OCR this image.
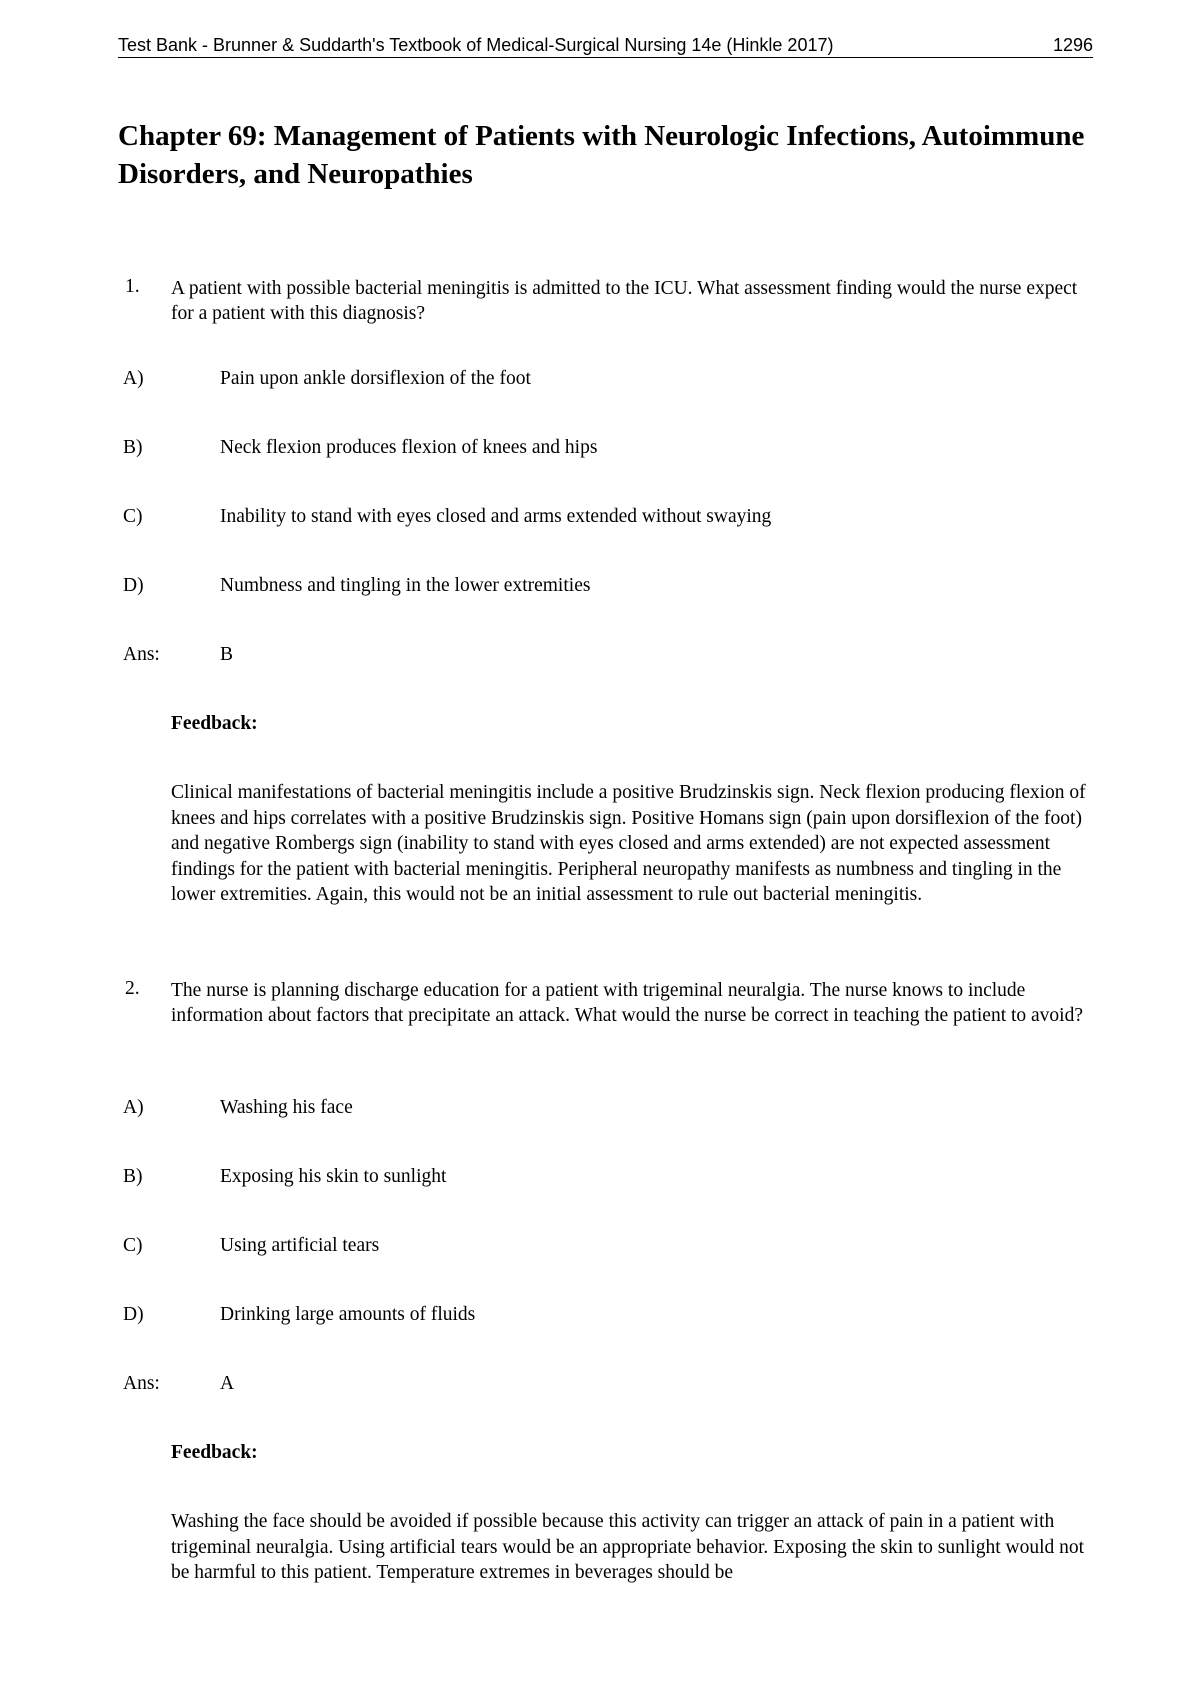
Test Bank - Brunner & Suddarth's Textbook of Medical-Surgical Nursing 14e (Hinkle 2017)	1296
Chapter 69: Management of Patients with Neurologic Infections, Autoimmune Disorders, and Neuropathies
1. A patient with possible bacterial meningitis is admitted to the ICU. What assessment finding would the nurse expect for a patient with this diagnosis?
A)	Pain upon ankle dorsiflexion of the foot
B)	Neck flexion produces flexion of knees and hips
C)	Inability to stand with eyes closed and arms extended without swaying
D)	Numbness and tingling in the lower extremities
Ans:	B
Feedback:
Clinical manifestations of bacterial meningitis include a positive Brudzinskis sign. Neck flexion producing flexion of knees and hips correlates with a positive Brudzinskis sign. Positive Homans sign (pain upon dorsiflexion of the foot) and negative Rombergs sign (inability to stand with eyes closed and arms extended) are not expected assessment findings for the patient with bacterial meningitis. Peripheral neuropathy manifests as numbness and tingling in the lower extremities. Again, this would not be an initial assessment to rule out bacterial meningitis.
2. The nurse is planning discharge education for a patient with trigeminal neuralgia. The nurse knows to include information about factors that precipitate an attack. What would the nurse be correct in teaching the patient to avoid?
A)	Washing his face
B)	Exposing his skin to sunlight
C)	Using artificial tears
D)	Drinking large amounts of fluids
Ans:	A
Feedback:
Washing the face should be avoided if possible because this activity can trigger an attack of pain in a patient with trigeminal neuralgia. Using artificial tears would be an appropriate behavior. Exposing the skin to sunlight would not be harmful to this patient. Temperature extremes in beverages should be
